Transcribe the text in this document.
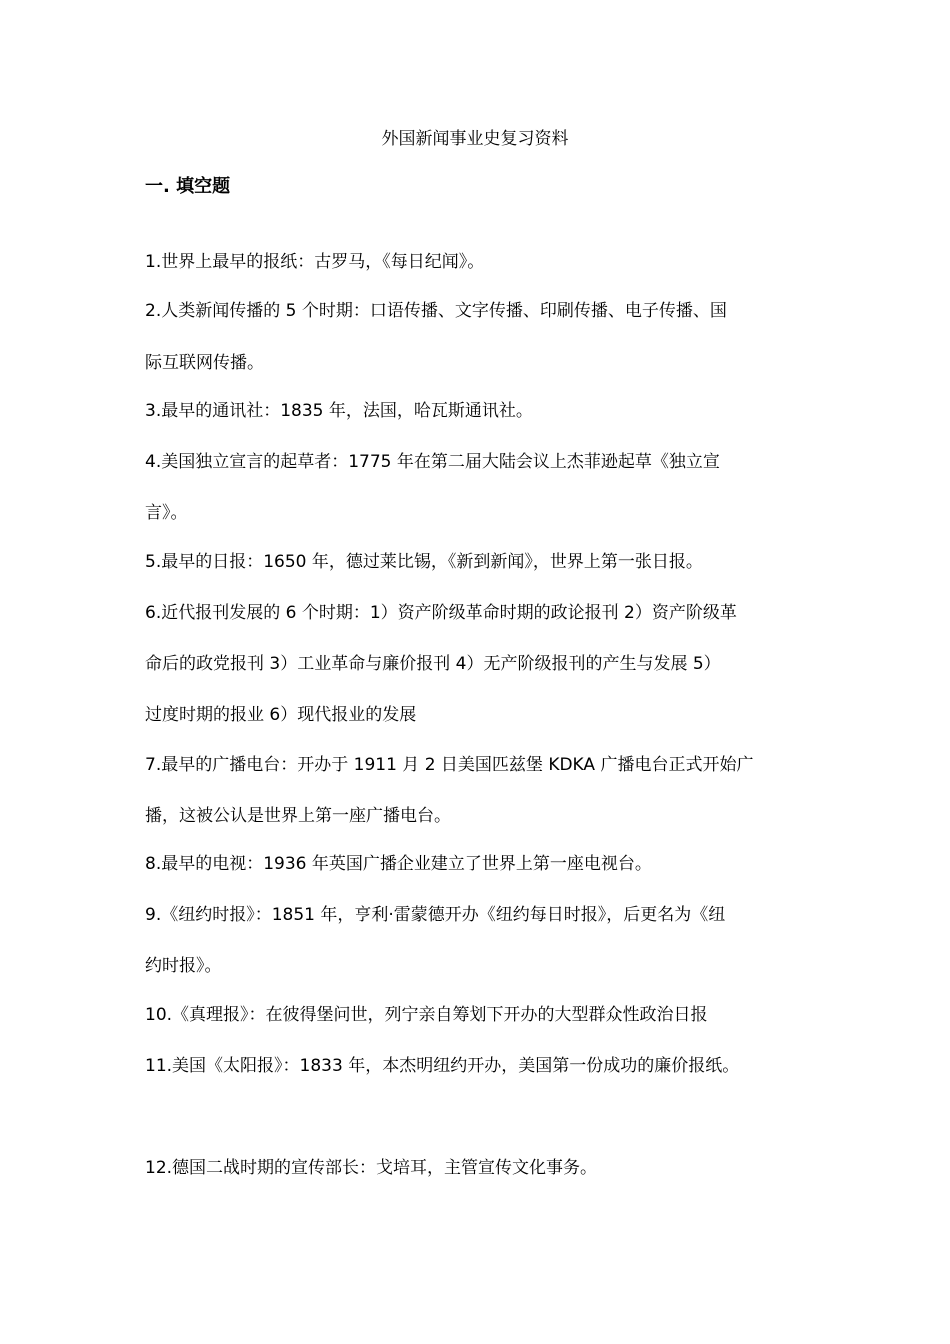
外国新闻事业史复习资料
一. 填空题
1.世界上最早的报纸：古罗马，《每日纪闻》。
2.人类新闻传播的 5 个时期：口语传播、文字传播、印刷传播、电子传播、国
际互联网传播。
3.最早的通讯社：1835 年，法国，哈瓦斯通讯社。
4.美国独立宣言的起草者：1775 年在第二届大陆会议上杰菲逊起草《独立宣
言》。
5.最早的日报：1650 年，德过莱比锡，《新到新闻》，世界上第一张日报。
6.近代报刊发展的 6 个时期：1）资产阶级革命时期的政论报刊 2）资产阶级革
命后的政党报刊 3）工业革命与廉价报刊 4）无产阶级报刊的产生与发展 5）
过度时期的报业 6）现代报业的发展
7.最早的广播电台：开办于 1911 月 2 日美国匹兹堡 KDKA 广播电台正式开始广
播，这被公认是世界上第一座广播电台。
8.最早的电视：1936 年英国广播企业建立了世界上第一座电视台。
9.《纽约时报》：1851 年，亨利·雷蒙德开办《纽约每日时报》，后更名为《纽
约时报》。
10.《真理报》：在彼得堡问世，列宁亲自筹划下开办的大型群众性政治日报
11.美国《太阳报》：1833 年，本杰明纽约开办，美国第一份成功的廉价报纸。
12.德国二战时期的宣传部长：戈培耳，主管宣传文化事务。
